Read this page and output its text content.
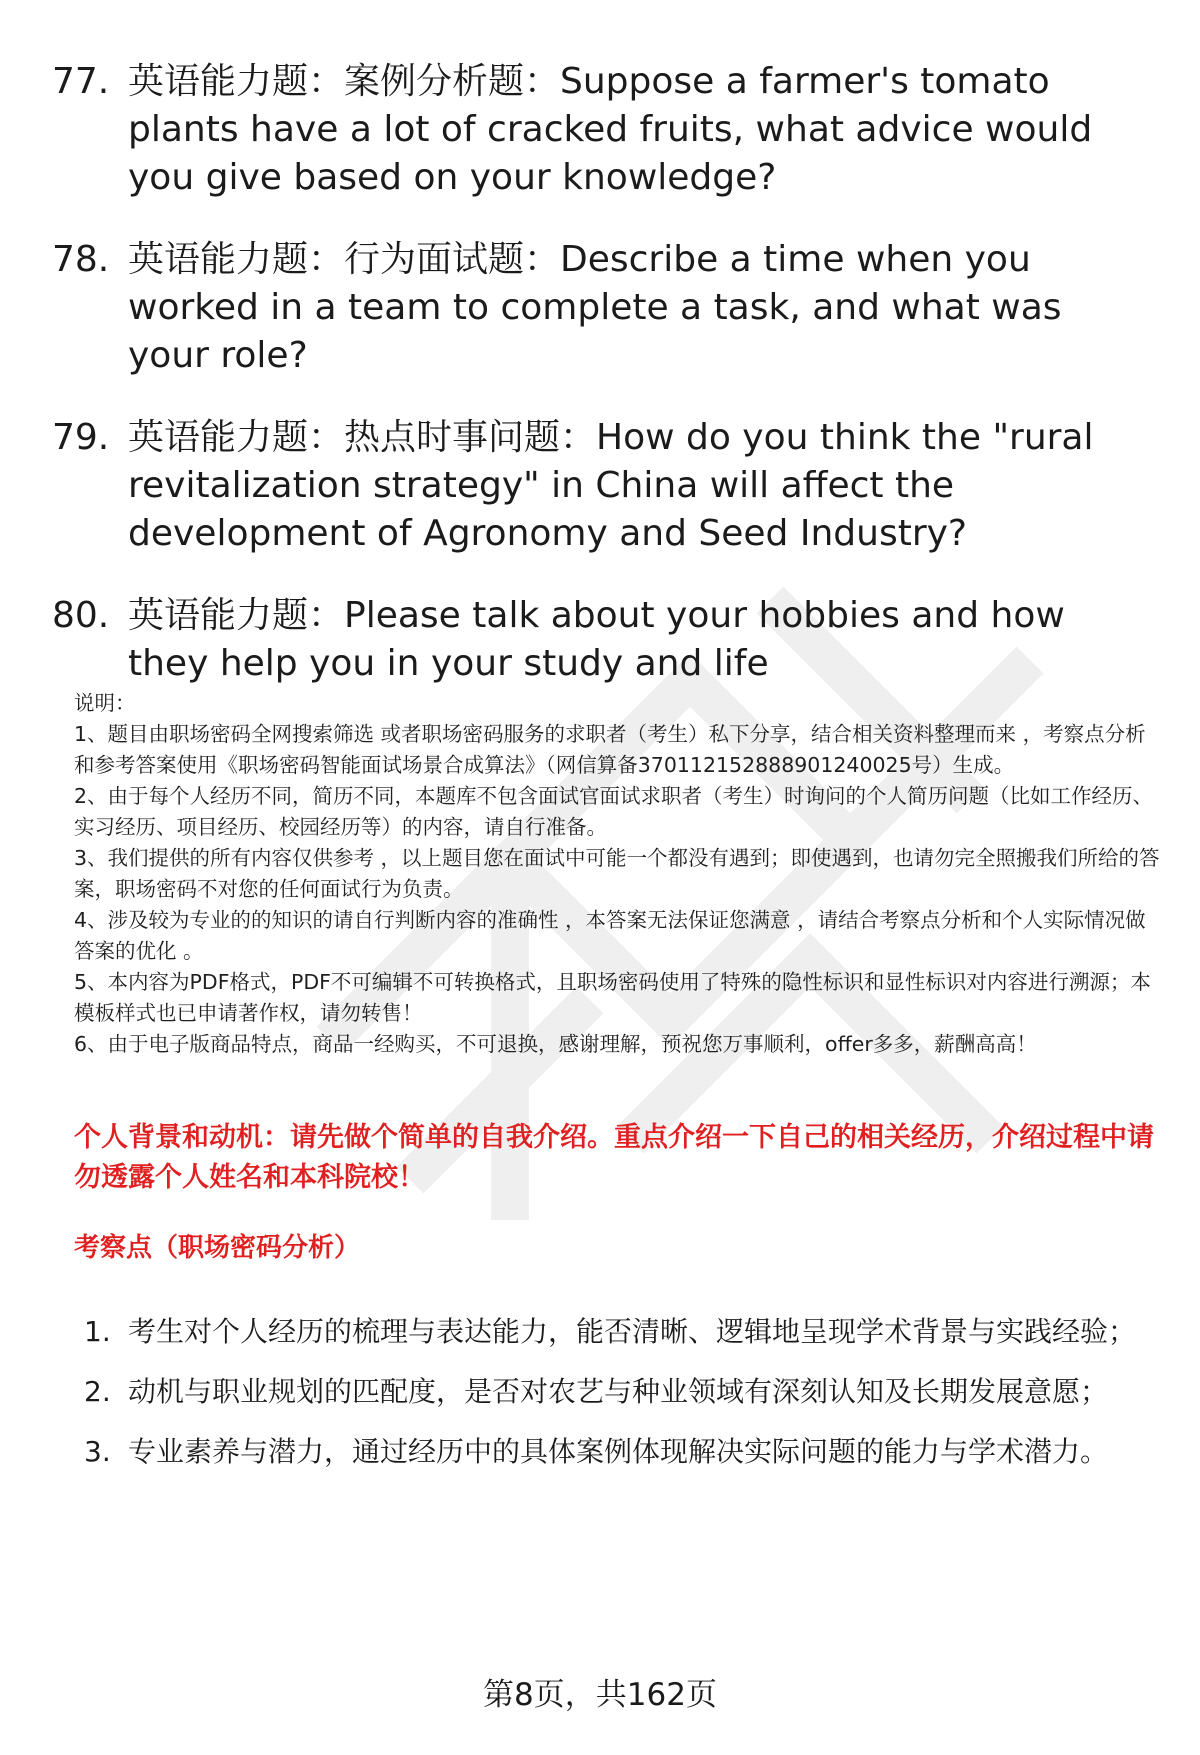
77. 英语能力题：案例分析题：Suppose a farmer's tomato plants have a lot of cracked fruits, what advice would you give based on your knowledge?
78. 英语能力题：行为面试题：Describe a time when you worked in a team to complete a task, and what was your role?
79. 英语能力题：热点时事问题：How do you think the "rural revitalization strategy" in China will affect the development of Agronomy and Seed Industry?
80. 英语能力题：Please talk about your hobbies and how they help you in your study and life

说明：

1、题目由职场密码全网搜索筛选 或者职场密码服务的求职者（考生）私下分享，结合相关资料整理而来 ，考察点分析和参考答案使用《职场密码智能面试场景合成算法》（网信算备370112152888901240025号）生成。

2、由于每个人经历不同，简历不同，本题库不包含面试官面试求职者（考生）时询问的个人简历问题（比如工作经历、实习经历、项目经历、校园经历等）的内容，请自行准备。

3、我们提供的所有内容仅供参考 ，以上题目您在面试中可能一个都没有遇到；即使遇到，也请勿完全照搬我们所给的答案，职场密码不对您的任何面试行为负责。

4、涉及较为专业的的知识的请自行判断内容的准确性 ，本答案无法保证您满意 ，请结合考察点分析和个人实际情况做答案的优化 。

5、本内容为PDF格式，PDF不可编辑不可转换格式，且职场密码使用了特殊的隐性标识和显性标识对内容进行溯源；本模板样式也已申请著作权，请勿转售！

6、由于电子版商品特点，商品一经购买，不可退换，感谢理解，预祝您万事顺利，offer多多，薪酬高高！

个人背景和动机：请先做个简单的自我介绍。重点介绍一下自己的相关经历，介绍过程中请勿透露个人姓名和本科院校！
考察点（职场密码分析）
1. 考生对个人经历的梳理与表达能力，能否清晰、逻辑地呈现学术背景与实践经验；
2. 动机与职业规划的匹配度，是否对农艺与种业领域有深刻认知及长期发展意愿；
3. 专业素养与潜力，通过经历中的具体案例体现解决实际问题的能力与学术潜力。
第8页，共162页
